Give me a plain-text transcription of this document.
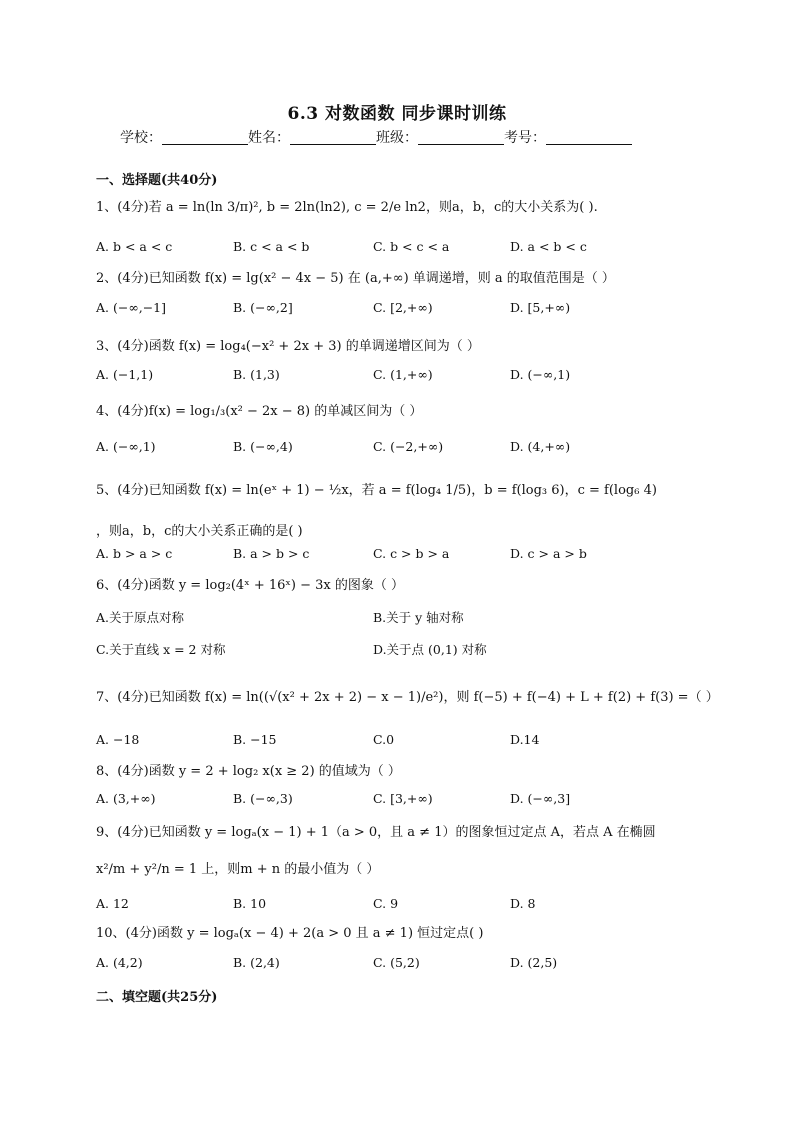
6.3 对数函数 同步课时训练
学校：	姓名：	班级：	考号：
一、选择题(共40分)
1、(4分)若 a = ln(ln 3/π)², b = 2ln(ln2), c = 2/e ln2，则a，b，c的大小关系为( ).
A. b < a < c	B. c < a < b	C. b < c < a	D. a < b < c
2、(4分)已知函数 f(x) = lg(x² − 4x − 5) 在 (a,+∞) 单调递增，则 a 的取值范围是（ ）
A. (−∞,−1]	B. (−∞,2]	C. [2,+∞)	D. [5,+∞)
3、(4分)函数 f(x) = log₄(−x² + 2x + 3) 的单调递增区间为（ ）
A. (−1,1)	B. (1,3)	C. (1,+∞)	D. (−∞,1)
4、(4分)f(x) = log₁/₃(x² − 2x − 8) 的单减区间为（ ）
A. (−∞,1)	B. (−∞,4)	C. (−2,+∞)	D. (4,+∞)
5、(4分)已知函数 f(x) = ln(eˣ + 1) − ½x，若 a = f(log₄ 1/5)，b = f(log₃ 6)，c = f(log₆ 4)
，则a，b，c的大小关系正确的是( )
A. b > a > c	B. a > b > c	C. c > b > a	D. c > a > b
6、(4分)函数 y = log₂(4ˣ + 16ˣ) − 3x 的图象（ ）
A.关于原点对称	B.关于 y 轴对称
C.关于直线 x = 2 对称	D.关于点 (0,1) 对称
7、(4分)已知函数 f(x) = ln((√(x² + 2x + 2) − x − 1)/e²)，则 f(−5) + f(−4) + L + f(2) + f(3) =（ ）
A. −18	B. −15	C.0	D.14
8、(4分)函数 y = 2 + log₂ x(x ≥ 2) 的值域为（ ）
A. (3,+∞)	B. (−∞,3)	C. [3,+∞)	D. (−∞,3]
9、(4分)已知函数 y = logₐ(x − 1) + 1（a > 0，且 a ≠ 1）的图象恒过定点 A，若点 A 在椭圆
x²/m + y²/n = 1 上，则m + n 的最小值为（ ）
A. 12	B. 10	C. 9	D. 8
10、(4分)函数 y = logₐ(x − 4) + 2(a > 0 且 a ≠ 1) 恒过定点( )
A. (4,2)	B. (2,4)	C. (5,2)	D. (2,5)
二、填空题(共25分)
